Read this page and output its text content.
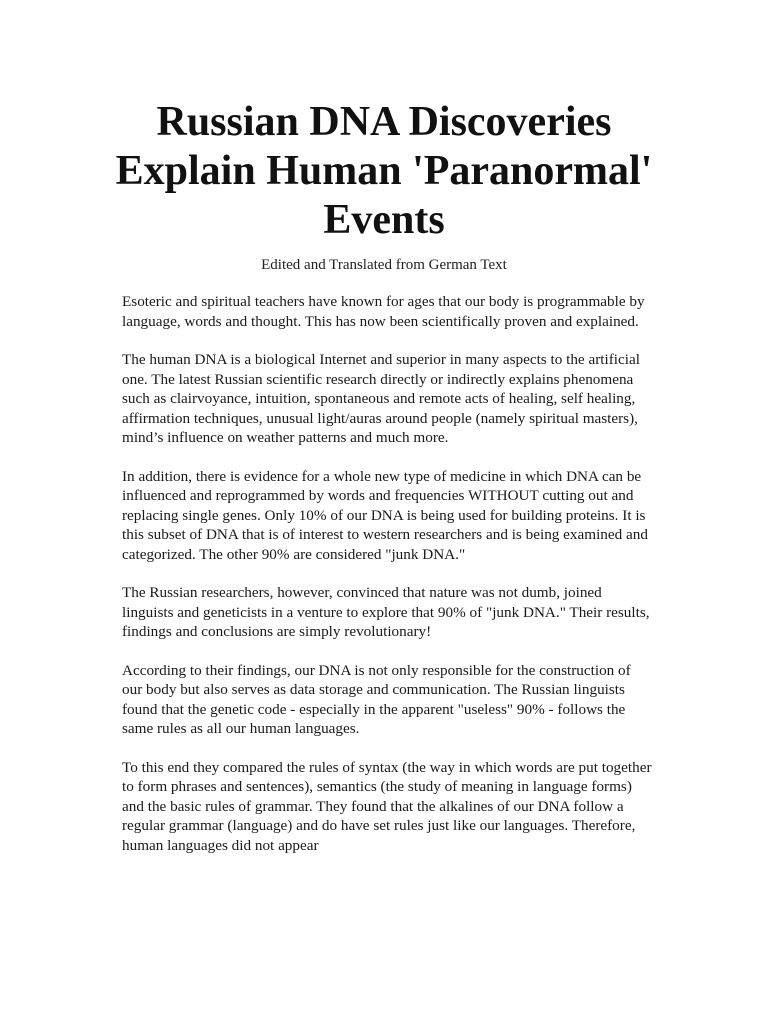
Russian DNA Discoveries Explain Human 'Paranormal' Events
Edited and Translated from German Text

Esoteric and spiritual teachers have known for ages that our body is programmable by language, words and thought. This has now been scientifically proven and explained.

The human DNA is a biological Internet and superior in many aspects to the artificial one. The latest Russian scientific research directly or indirectly explains phenomena such as clairvoyance, intuition, spontaneous and remote acts of healing, self healing, affirmation techniques, unusual light/auras around people (namely spiritual masters), mind’s influence on weather patterns and much more.

In addition, there is evidence for a whole new type of medicine in which DNA can be influenced and reprogrammed by words and frequencies WITHOUT cutting out and replacing single genes. Only 10% of our DNA is being used for building proteins. It is this subset of DNA that is of interest to western researchers and is being examined and categorized. The other 90% are considered "junk DNA."

The Russian researchers, however, convinced that nature was not dumb, joined linguists and geneticists in a venture to explore that 90% of "junk DNA." Their results, findings and conclusions are simply revolutionary!

According to their findings, our DNA is not only responsible for the construction of our body but also serves as data storage and communication. The Russian linguists found that the genetic code - especially in the apparent "useless" 90% - follows the same rules as all our human languages.

To this end they compared the rules of syntax (the way in which words are put together to form phrases and sentences), semantics (the study of meaning in language forms) and the basic rules of grammar. They found that the alkalines of our DNA follow a regular grammar (language) and do have set rules just like our languages. Therefore, human languages did not appear
